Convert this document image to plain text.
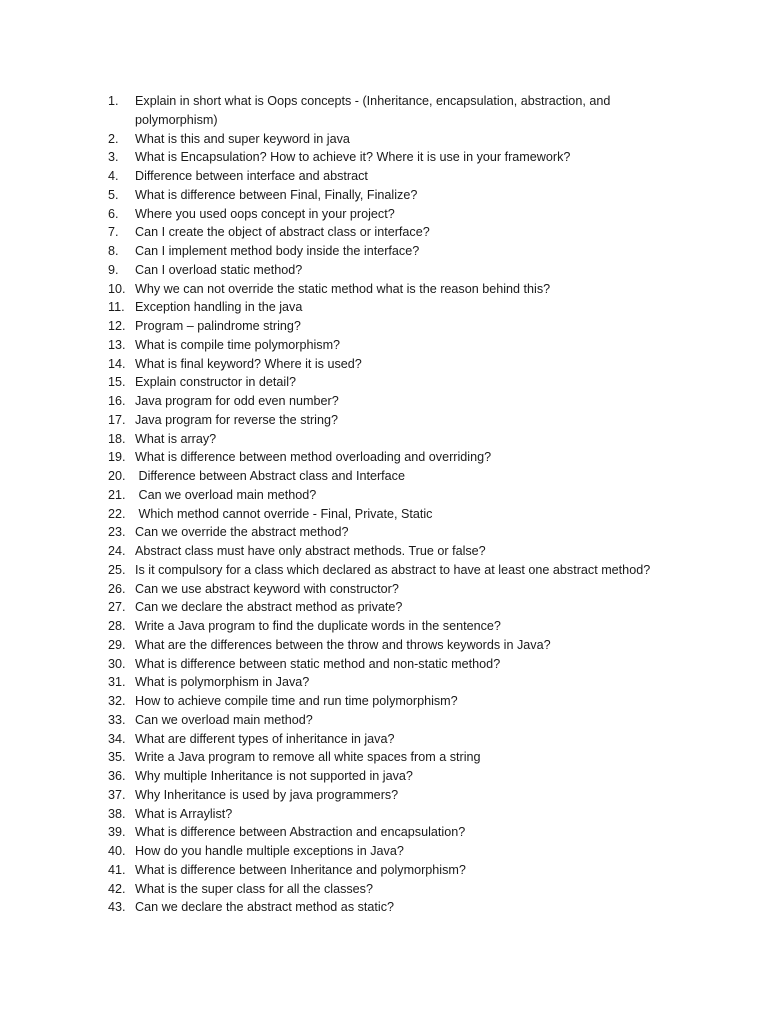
1.	Explain in short what is Oops concepts - (Inheritance, encapsulation, abstraction, and polymorphism)
2.	What is this and super keyword in java
3.	What is Encapsulation? How to achieve it? Where it is use in your framework?
4.	Difference between interface and abstract
5.	What is difference between Final, Finally, Finalize?
6.	Where you used oops concept in your project?
7.	Can I create the object of abstract class or interface?
8.	Can I implement method body inside the interface?
9.	Can I overload static method?
10. Why we can not override the static method what is the reason behind this?
11. Exception handling in the java
12. Program – palindrome string?
13. What is compile time polymorphism?
14. What is final keyword? Where it is used?
15. Explain constructor in detail?
16. Java program for odd even number?
17. Java program for reverse the string?
18. What is array?
19. What is difference between method overloading and overriding?
20. Difference between Abstract class and Interface
21. Can we overload main method?
22. Which method cannot override - Final, Private, Static
23. Can we override the abstract method?
24. Abstract class must have only abstract methods. True or false?
25. Is it compulsory for a class which declared as abstract to have at least one abstract method?
26. Can we use abstract keyword with constructor?
27. Can we declare the abstract method as private?
28. Write a Java program to find the duplicate words in the sentence?
29. What are the differences between the throw and throws keywords in Java?
30. What is difference between static method and non-static method?
31. What is polymorphism in Java?
32. How to achieve compile time and run time polymorphism?
33. Can we overload main method?
34. What are different types of inheritance in java?
35. Write a Java program to remove all white spaces from a string
36. Why multiple Inheritance is not supported in java?
37. Why Inheritance is used by java programmers?
38. What is Arraylist?
39. What is difference between Abstraction and encapsulation?
40. How do you handle multiple exceptions in Java?
41. What is difference between Inheritance and polymorphism?
42. What is the super class for all the classes?
43. Can we declare the abstract method as static?
